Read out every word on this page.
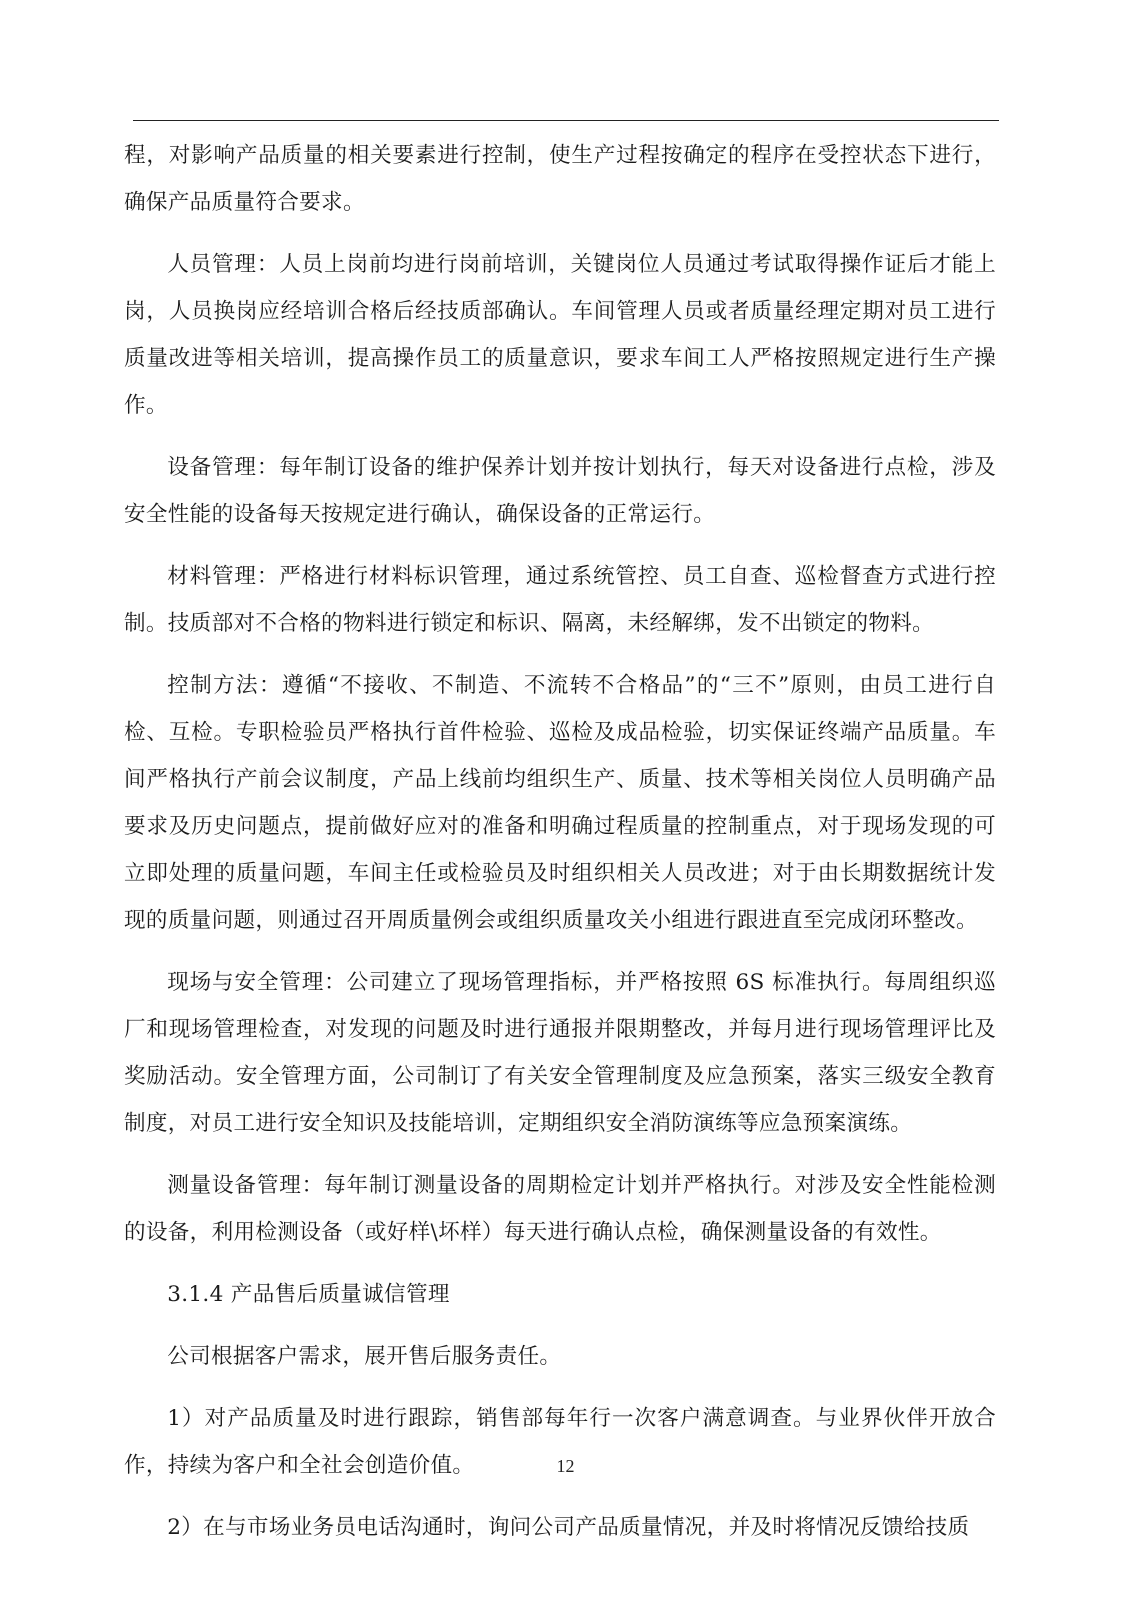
程，对影响产品质量的相关要素进行控制，使生产过程按确定的程序在受控状态下进行，确保产品质量符合要求。

人员管理：人员上岗前均进行岗前培训，关键岗位人员通过考试取得操作证后才能上岗，人员换岗应经培训合格后经技质部确认。车间管理人员或者质量经理定期对员工进行质量改进等相关培训，提高操作员工的质量意识，要求车间工人严格按照规定进行生产操作。

设备管理：每年制订设备的维护保养计划并按计划执行，每天对设备进行点检，涉及安全性能的设备每天按规定进行确认，确保设备的正常运行。

材料管理：严格进行材料标识管理，通过系统管控、员工自查、巡检督查方式进行控制。技质部对不合格的物料进行锁定和标识、隔离，未经解绑，发不出锁定的物料。

控制方法：遵循“不接收、不制造、不流转不合格品”的“三不”原则，由员工进行自检、互检。专职检验员严格执行首件检验、巡检及成品检验，切实保证终端产品质量。车间严格执行产前会议制度，产品上线前均组织生产、质量、技术等相关岗位人员明确产品要求及历史问题点，提前做好应对的准备和明确过程质量的控制重点，对于现场发现的可立即处理的质量问题，车间主任或检验员及时组织相关人员改进；对于由长期数据统计发现的质量问题，则通过召开周质量例会或组织质量攻关小组进行跟进直至完成闭环整改。

现场与安全管理：公司建立了现场管理指标，并严格按照 6S 标准执行。每周组织巡厂和现场管理检查，对发现的问题及时进行通报并限期整改，并每月进行现场管理评比及奖励活动。安全管理方面，公司制订了有关安全管理制度及应急预案，落实三级安全教育制度，对员工进行安全知识及技能培训，定期组织安全消防演练等应急预案演练。

测量设备管理：每年制订测量设备的周期检定计划并严格执行。对涉及安全性能检测的设备，利用检测设备（或好样\坏样）每天进行确认点检，确保测量设备的有效性。

3.1.4 产品售后质量诚信管理

公司根据客户需求，展开售后服务责任。

1）对产品质量及时进行跟踪，销售部每年行一次客户满意调查。与业界伙伴开放合作，持续为客户和全社会创造价值。

2）在与市场业务员电话沟通时，询问公司产品质量情况，并及时将情况反馈给技质

12
